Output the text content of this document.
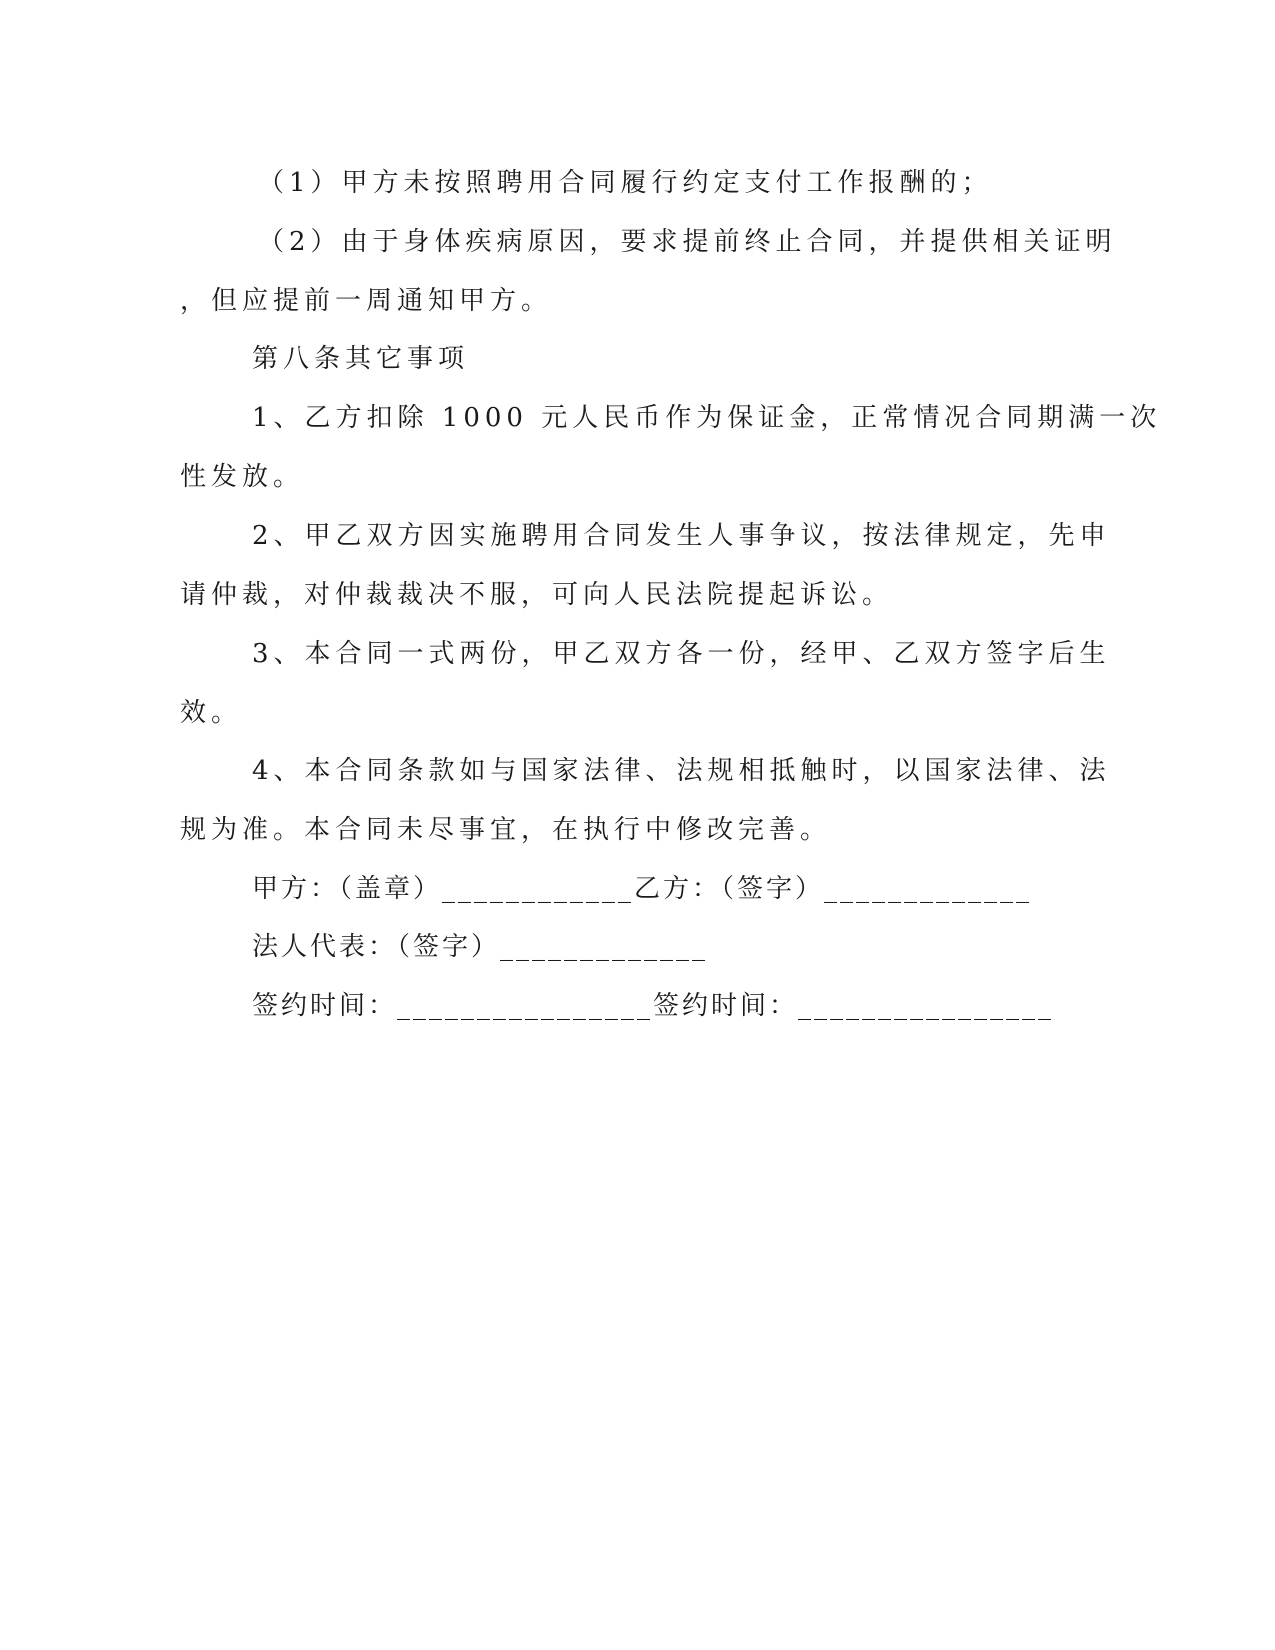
（1）甲方未按照聘用合同履行约定支付工作报酬的；
（2）由于身体疾病原因，要求提前终止合同，并提供相关证明
，但应提前一周通知甲方。
第八条其它事项
1、乙方扣除 1000 元人民币作为保证金，正常情况合同期满一次
性发放。
2、甲乙双方因实施聘用合同发生人事争议，按法律规定，先申
请仲裁，对仲裁裁决不服，可向人民法院提起诉讼。
3、本合同一式两份，甲乙双方各一份，经甲、乙双方签字后生
效。
4、本合同条款如与国家法律、法规相抵触时，以国家法律、法
规为准。本合同未尽事宜，在执行中修改完善。
甲方：（盖章）____________乙方：（签字）_____________
法人代表：（签字）_____________
签约时间：________________签约时间：________________
